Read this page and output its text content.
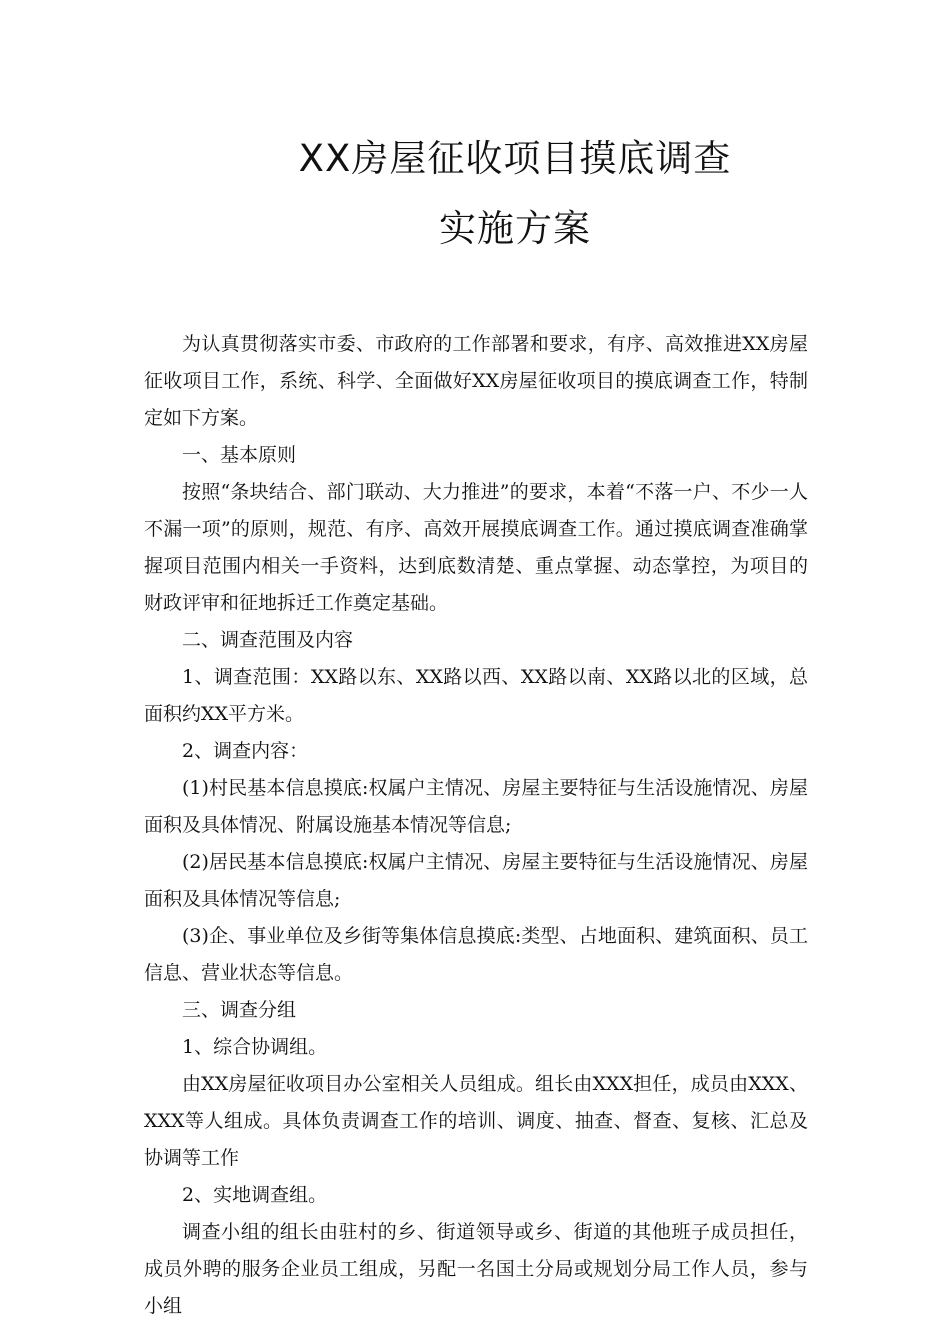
XX房屋征收项目摸底调查
实施方案

为认真贯彻落实市委、市政府的工作部署和要求，有序、高效推进XX房屋征收项目工作，系统、科学、全面做好XX房屋征收项目的摸底调查工作，特制定如下方案。

一、基本原则

按照“条块结合、部门联动、大力推进”的要求，本着“不落一户、不少一人不漏一项”的原则，规范、有序、高效开展摸底调查工作。通过摸底调查准确掌握项目范围内相关一手资料，达到底数清楚、重点掌握、动态掌控，为项目的财政评审和征地拆迁工作奠定基础。

二、调查范围及内容

1、调查范围：XX路以东、XX路以西、XX路以南、XX路以北的区域，总面积约XX平方米。

2、调查内容：

(1)村民基本信息摸底:权属户主情况、房屋主要特征与生活设施情况、房屋面积及具体情况、附属设施基本情况等信息;

(2)居民基本信息摸底:权属户主情况、房屋主要特征与生活设施情况、房屋面积及具体情况等信息;

(3)企、事业单位及乡街等集体信息摸底:类型、占地面积、建筑面积、员工信息、营业状态等信息。

三、调查分组

1、综合协调组。

由XX房屋征收项目办公室相关人员组成。组长由XXX担任，成员由XXX、XXX等人组成。具体负责调查工作的培训、调度、抽查、督查、复核、汇总及协调等工作

2、实地调查组。

调查小组的组长由驻村的乡、街道领导或乡、街道的其他班子成员担任，成员外聘的服务企业员工组成，另配一名国土分局或规划分局工作人员，参与小组
